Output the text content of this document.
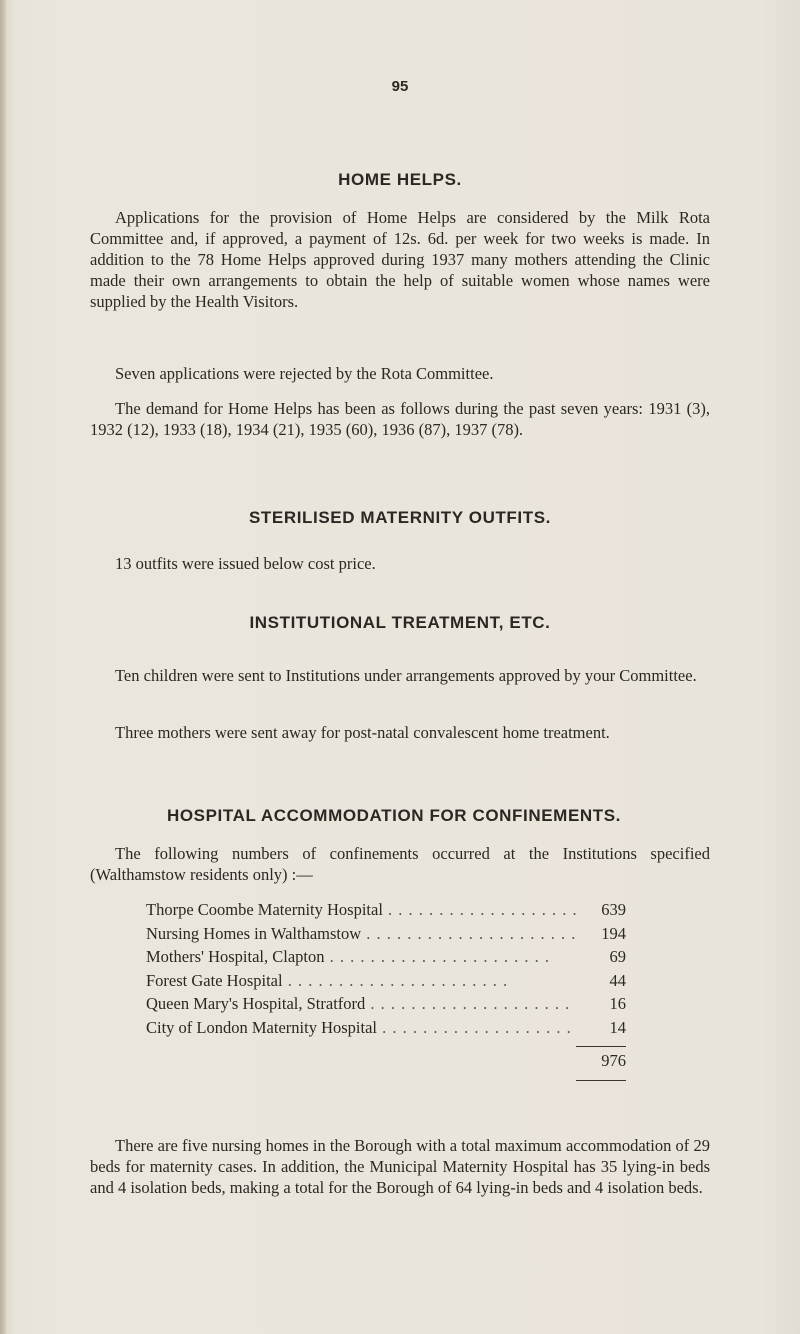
95
HOME HELPS.
Applications for the provision of Home Helps are considered by the Milk Rota Committee and, if approved, a payment of 12s. 6d. per week for two weeks is made. In addition to the 78 Home Helps approved during 1937 many mothers attending the Clinic made their own arrangements to obtain the help of suitable women whose names were supplied by the Health Visitors.
Seven applications were rejected by the Rota Committee.
The demand for Home Helps has been as follows during the past seven years: 1931 (3), 1932 (12), 1933 (18), 1934 (21), 1935 (60), 1936 (87), 1937 (78).
STERILISED MATERNITY OUTFITS.
13 outfits were issued below cost price.
INSTITUTIONAL TREATMENT, ETC.
Ten children were sent to Institutions under arrangements approved by your Committee.
Three mothers were sent away for post-natal convalescent home treatment.
HOSPITAL ACCOMMODATION FOR CONFINEMENTS.
The following numbers of confinements occurred at the Institutions specified (Walthamstow residents only) :—
Thorpe Coombe Maternity Hospital . .	639
Nursing Homes in Walthamstow . .	194
Mothers' Hospital, Clapton . .	69
Forest Gate Hospital . .	44
Queen Mary's Hospital, Stratford . .	16
City of London Maternity Hospital . .	14
976
There are five nursing homes in the Borough with a total maximum accommodation of 29 beds for maternity cases. In addition, the Municipal Maternity Hospital has 35 lying-in beds and 4 isolation beds, making a total for the Borough of 64 lying-in beds and 4 isolation beds.
